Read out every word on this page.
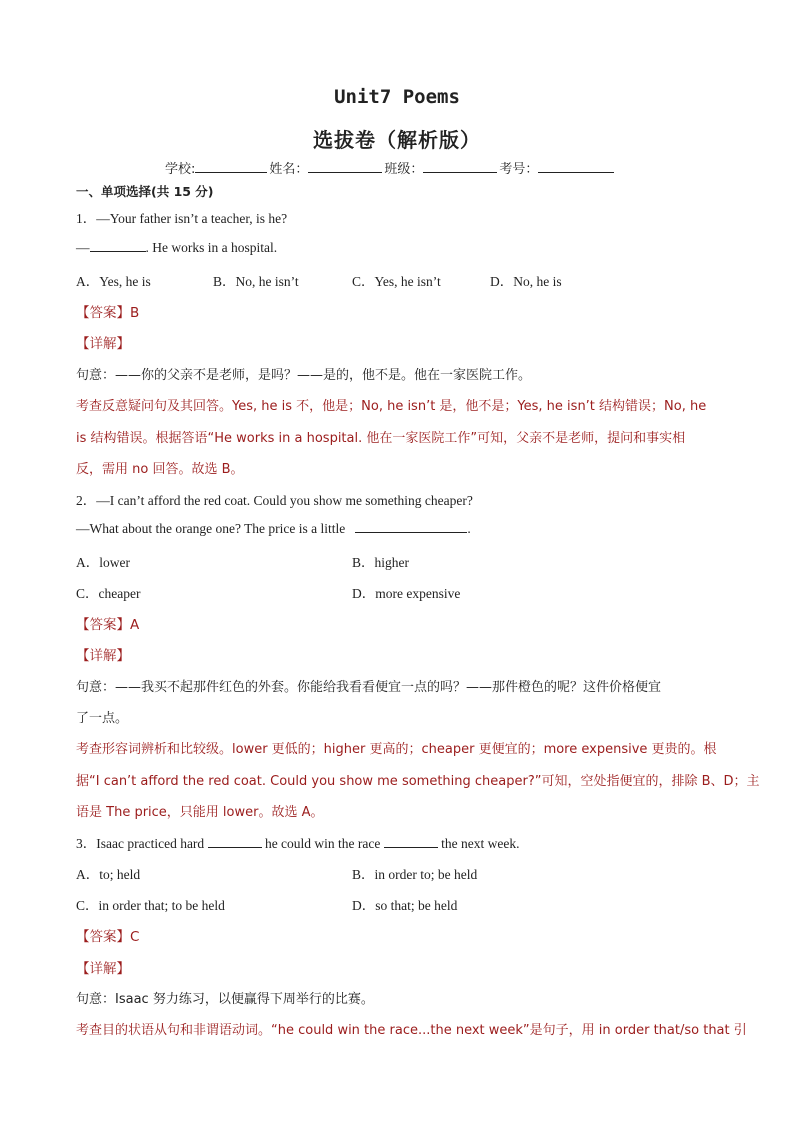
Unit7 Poems
选拔卷（解析版）
学校:	姓名：	班级：	考号：
一、单项选择(共 15 分)
1．—Your father isn’t a teacher, is he?
—	. He works in a hospital.
A．Yes, he is	B．No, he isn’t	C．Yes, he isn’t	D．No, he is
【答案】B
【详解】
句意：——你的父亲不是老师，是吗？——是的，他不是。他在一家医院工作。
考查反意疑问句及其回答。Yes, he is 不，他是；No, he isn’t 是，他不是；Yes, he isn’t 结构错误；No, he
is 结构错误。根据答语“He works in a hospital. 他在一家医院工作”可知，父亲不是老师，提问和事实相
反，需用 no 回答。故选 B。
2．—I can’t afford the red coat. Could you show me something cheaper?
—What about the orange one? The price is a little	.
A．lower	B．higher
C．cheaper	D．more expensive
【答案】A
【详解】
句意：——我买不起那件红色的外套。你能给我看看便宜一点的吗？——那件橙色的呢？这件价格便宜
了一点。
考查形容词辨析和比较级。lower 更低的；higher 更高的；cheaper 更便宜的；more expensive 更贵的。根
据“I can’t afford the red coat. Could you show me something cheaper?”可知，空处指便宜的，排除 B、D；主
语是 The price，只能用 lower。故选 A。
3．Isaac practiced hard	he could win the race	the next week.
A．to; held	B．in order to; be held
C．in order that; to be held	D．so that; be held
【答案】C
【详解】
句意：Isaac 努力练习，以便赢得下周举行的比赛。
考查目的状语从句和非谓语动词。“he could win the race...the next week”是句子，用 in order that/so that 引
